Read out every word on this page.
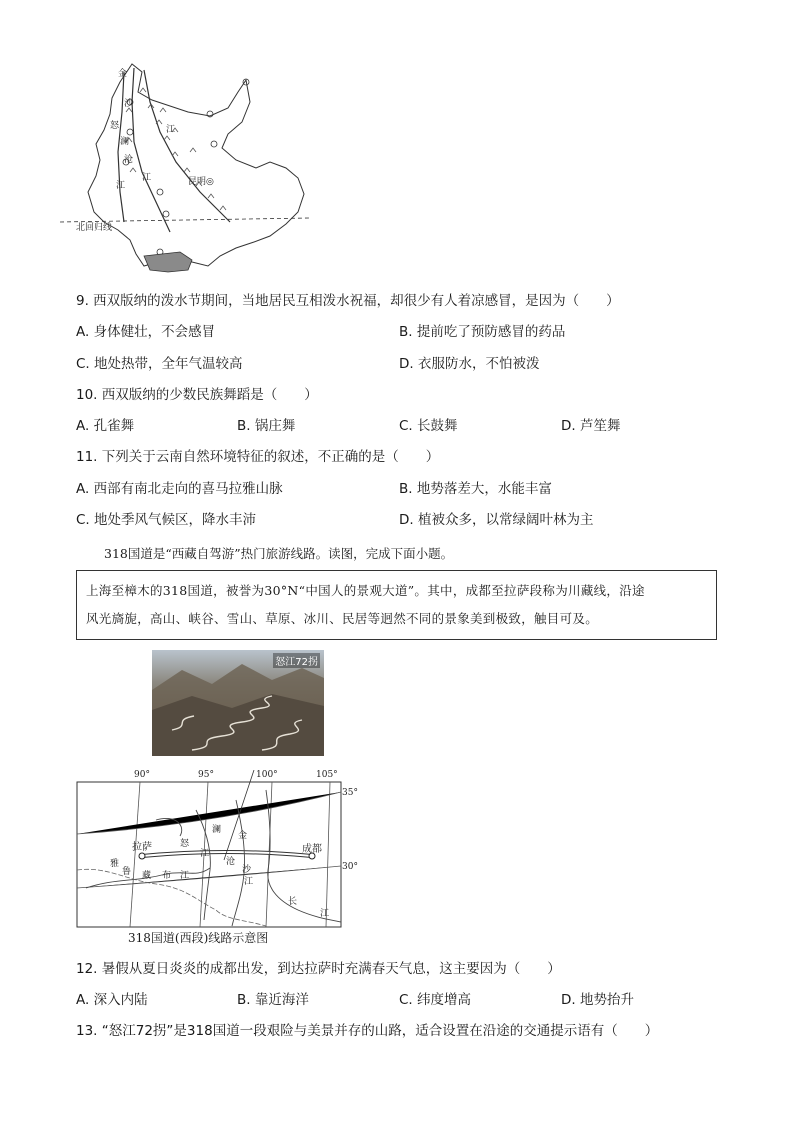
昆明◎
北回归线
金
沙
江
澜
沧
江
江
怒
9. 西双版纳的泼水节期间，当地居民互相泼水祝福，却很少有人着凉感冒，是因为（　　）
A. 身体健壮，不会感冒	B. 提前吃了预防感冒的药品
C. 地处热带，全年气温较高	D. 衣服防水，不怕被泼
10. 西双版纳的少数民族舞蹈是（　　）
A. 孔雀舞	B. 锅庄舞	C. 长鼓舞	D. 芦笙舞
11. 下列关于云南自然环境特征的叙述，不正确的是（　　）
A. 西部有南北走向的喜马拉雅山脉	B. 地势落差大，水能丰富
C. 地处季风气候区，降水丰沛	D. 植被众多，以常绿阔叶林为主
318国道是“西藏自驾游”热门旅游线路。读图，完成下面小题。

上海至樟木的318国道，被誉为30°N“中国人的景观大道”。其中，成都至拉萨段称为川藏线，沿途

风光旖旎，高山、峡谷、雪山、草原、冰川、民居等迥然不同的景象美到极致，触目可及。

怒江72拐
90°	95°	100°	105°
35°
30°
拉萨	成都
怒
江
澜
沧
江
金
沙
雅
鲁 藏 布 江
长
江
318国道(西段)线路示意图
12. 暑假从夏日炎炎的成都出发，到达拉萨时充满春天气息，这主要因为（　　）
A. 深入内陆	B. 靠近海洋	C. 纬度增高	D. 地势抬升
13. “怒江72拐”是318国道一段艰险与美景并存的山路，适合设置在沿途的交通提示语有（　　）
